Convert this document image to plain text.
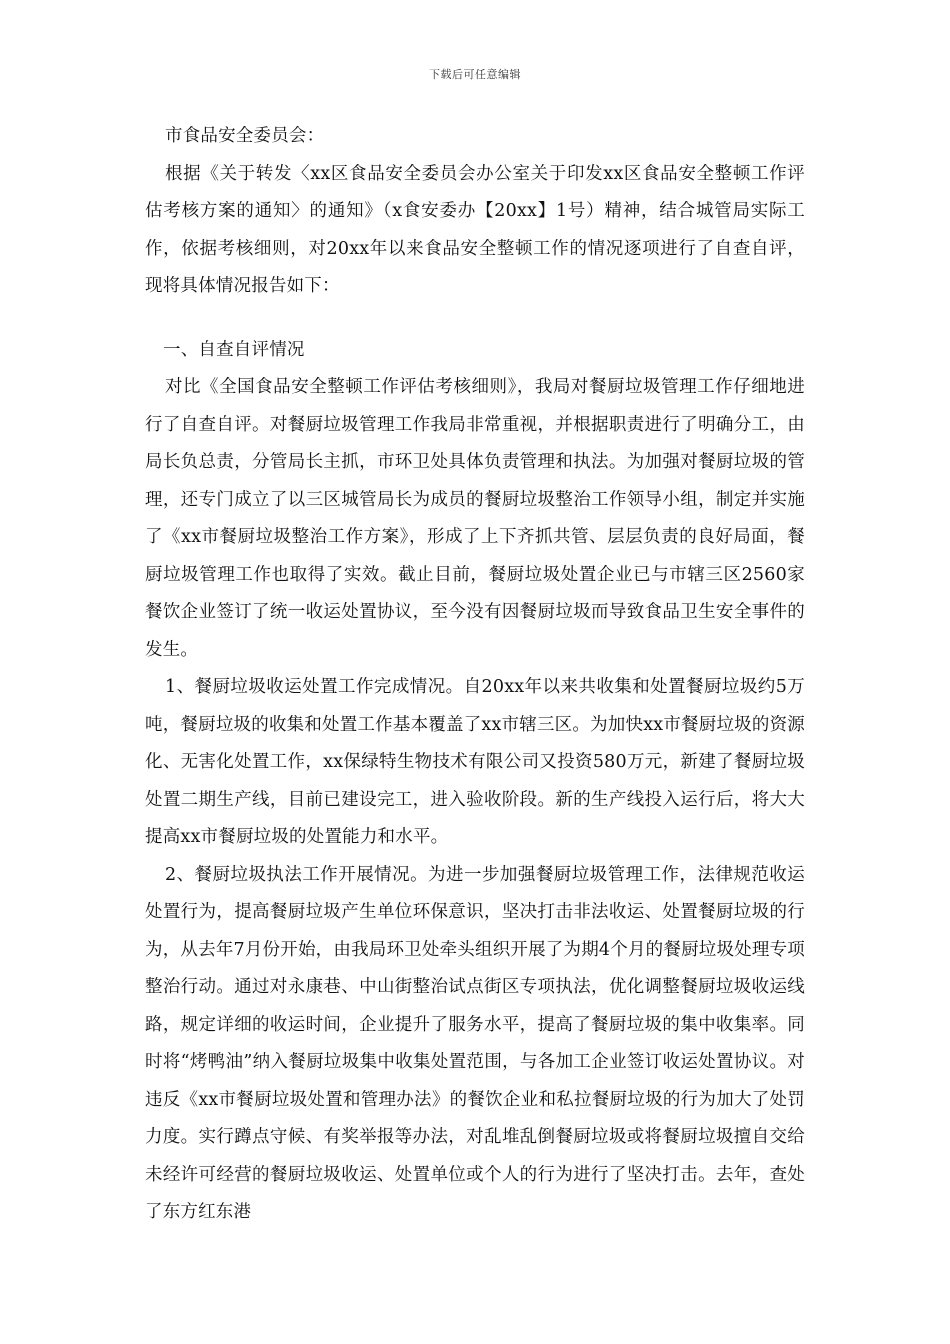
下载后可任意编辑

市食品安全委员会：

根据《关于转发〈xx区食品安全委员会办公室关于印发xx区食品安全整顿工作评估考核方案的通知〉的通知》（x食安委办【20xx】1号）精神，结合城管局实际工作，依据考核细则，对20xx年以来食品安全整顿工作的情况逐项进行了自查自评，现将具体情况报告如下：

一、自查自评情况

对比《全国食品安全整顿工作评估考核细则》，我局对餐厨垃圾管理工作仔细地进行了自查自评。对餐厨垃圾管理工作我局非常重视，并根据职责进行了明确分工，由局长负总责，分管局长主抓，市环卫处具体负责管理和执法。为加强对餐厨垃圾的管理，还专门成立了以三区城管局长为成员的餐厨垃圾整治工作领导小组，制定并实施了《xx市餐厨垃圾整治工作方案》，形成了上下齐抓共管、层层负责的良好局面，餐厨垃圾管理工作也取得了实效。截止目前，餐厨垃圾处置企业已与市辖三区2560家餐饮企业签订了统一收运处置协议，至今没有因餐厨垃圾而导致食品卫生安全事件的发生。

1、餐厨垃圾收运处置工作完成情况。自20xx年以来共收集和处置餐厨垃圾约5万吨，餐厨垃圾的收集和处置工作基本覆盖了xx市辖三区。为加快xx市餐厨垃圾的资源化、无害化处置工作，xx保绿特生物技术有限公司又投资580万元，新建了餐厨垃圾处置二期生产线，目前已建设完工，进入验收阶段。新的生产线投入运行后，将大大提高xx市餐厨垃圾的处置能力和水平。

2、餐厨垃圾执法工作开展情况。为进一步加强餐厨垃圾管理工作，法律规范收运处置行为，提高餐厨垃圾产生单位环保意识，坚决打击非法收运、处置餐厨垃圾的行为，从去年7月份开始，由我局环卫处牵头组织开展了为期4个月的餐厨垃圾处理专项整治行动。通过对永康巷、中山街整治试点街区专项执法，优化调整餐厨垃圾收运线路，规定详细的收运时间，企业提升了服务水平，提高了餐厨垃圾的集中收集率。同时将“烤鸭油”纳入餐厨垃圾集中收集处置范围，与各加工企业签订收运处置协议。对违反《xx市餐厨垃圾处置和管理办法》的餐饮企业和私拉餐厨垃圾的行为加大了处罚力度。实行蹲点守候、有奖举报等办法，对乱堆乱倒餐厨垃圾或将餐厨垃圾擅自交给未经许可经营的餐厨垃圾收运、处置单位或个人的行为进行了坚决打击。去年，查处了东方红东港
